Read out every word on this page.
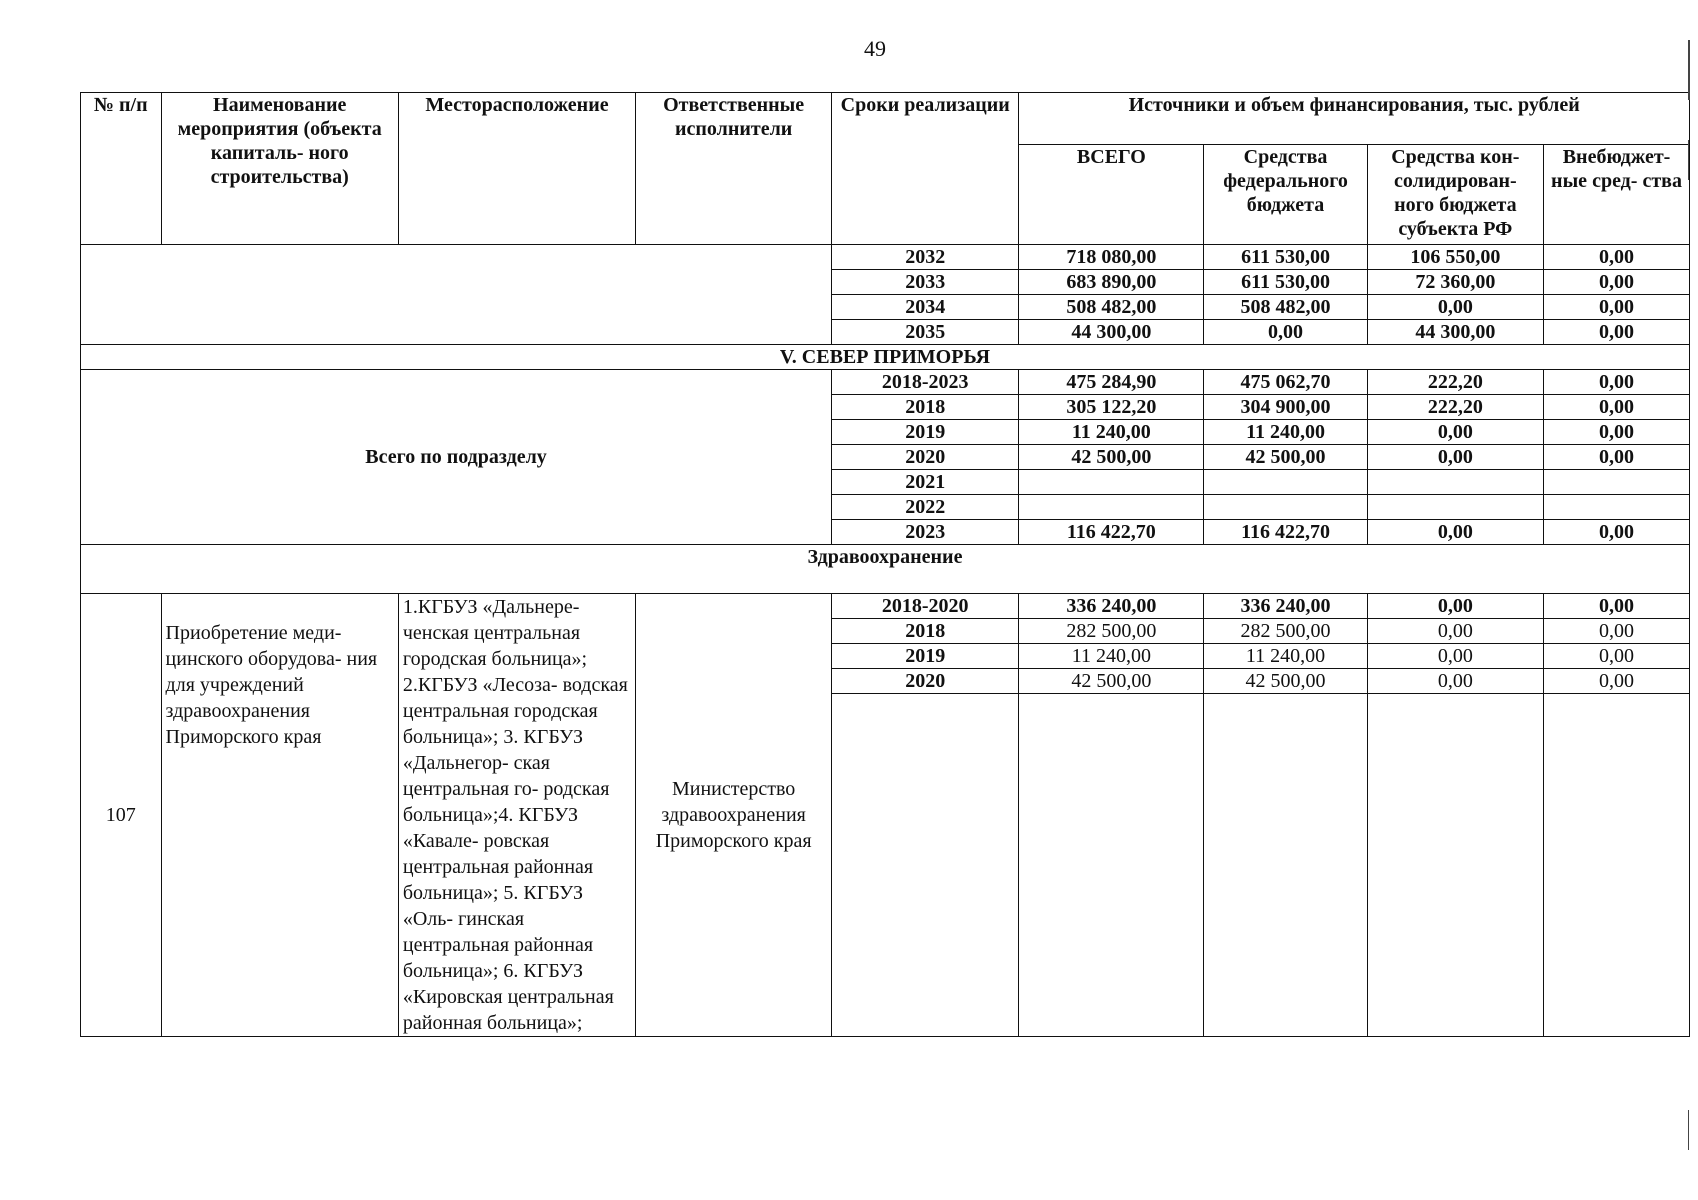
49
№ п/п	Наименование мероприятия (объекта капиталь- ного строительства)	Месторасположение	Ответственные исполнители	Сроки реализации	Источники и объем финансирования, тыс. рублей			
					ВСЕГО	Средства федерального бюджета	Средства кон- солидирован- ного бюджета субъекта РФ	Внебюджет- ные сред- ства
				2032	718 080,00	611 530,00	106 550,00	0,00
				2033	683 890,00	611 530,00	72 360,00	0,00
				2034	508 482,00	508 482,00	0,00	0,00
				2035	44 300,00	0,00	44 300,00	0,00
V. СЕВЕР ПРИМОРЬЯ								
Всего по подразделу				2018-2023	475 284,90	475 062,70	222,20	0,00
				2018	305 122,20	304 900,00	222,20	0,00
				2019	11 240,00	11 240,00	0,00	0,00
				2020	42 500,00	42 500,00	0,00	0,00
				2021				
				2022				
				2023	116 422,70	116 422,70	0,00	0,00
Здравоохранение								
107	Приобретение меди- цинского оборудова- ния для учреждений здравоохранения Приморского края	1.КГБУЗ «Дальнере- ченская центральная городская больница»; 2.КГБУЗ «Лесоза- водская центральная городская больница»; 3. КГБУЗ «Дальнегор- ская центральная го- родская больница»;4. КГБУЗ «Кавале- ровская центральная районная больница»; 5. КГБУЗ «Оль- гинская центральная районная больница»; 6. КГБУЗ «Кировская центральная районная больница»;	Министерство здравоохранения Приморского края	2018-2020	336 240,00	336 240,00	0,00	0,00
				2018	282 500,00	282 500,00	0,00	0,00
				2019	11 240,00	11 240,00	0,00	0,00
				2020	42 500,00	42 500,00	0,00	0,00
